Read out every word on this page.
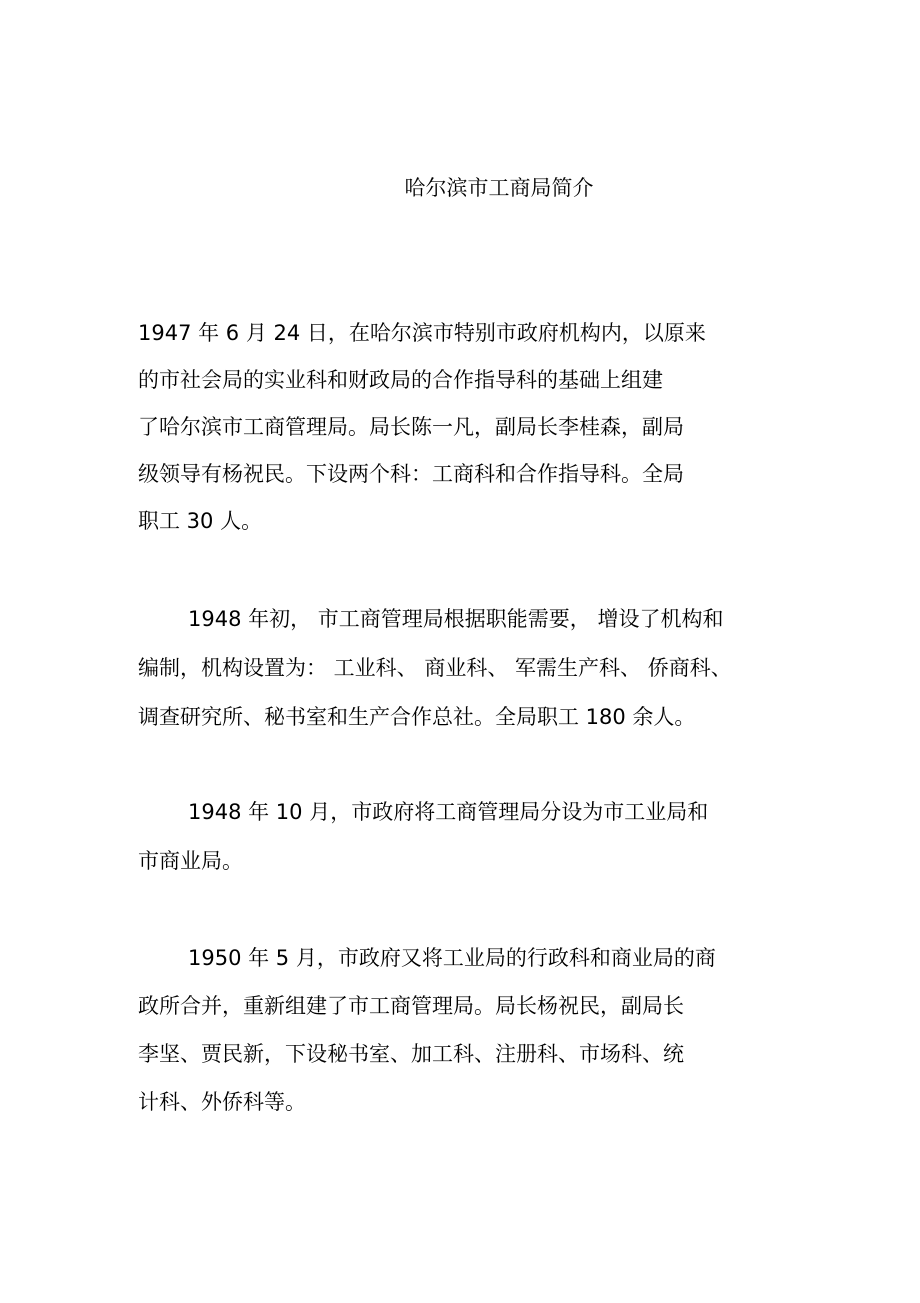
哈尔滨市工商局简介
1947 年 6 月 24 日，在哈尔滨市特别市政府机构内，以原来
的市社会局的实业科和财政局的合作指导科的基础上组建
了哈尔滨市工商管理局。局长陈一凡，副局长李桂森，副局
级领导有杨祝民。下设两个科：工商科和合作指导科。全局
职工 30 人。
1948 年初， 市工商管理局根据职能需要， 增设了机构和
编制，机构设置为： 工业科、 商业科、 军需生产科、 侨商科、
调查研究所、秘书室和生产合作总社。全局职工 180 余人。
1948 年 10 月，市政府将工商管理局分设为市工业局和
市商业局。
1950 年 5 月，市政府又将工业局的行政科和商业局的商
政所合并，重新组建了市工商管理局。局长杨祝民，副局长
李坚、贾民新，下设秘书室、加工科、注册科、市场科、统
计科、外侨科等。
